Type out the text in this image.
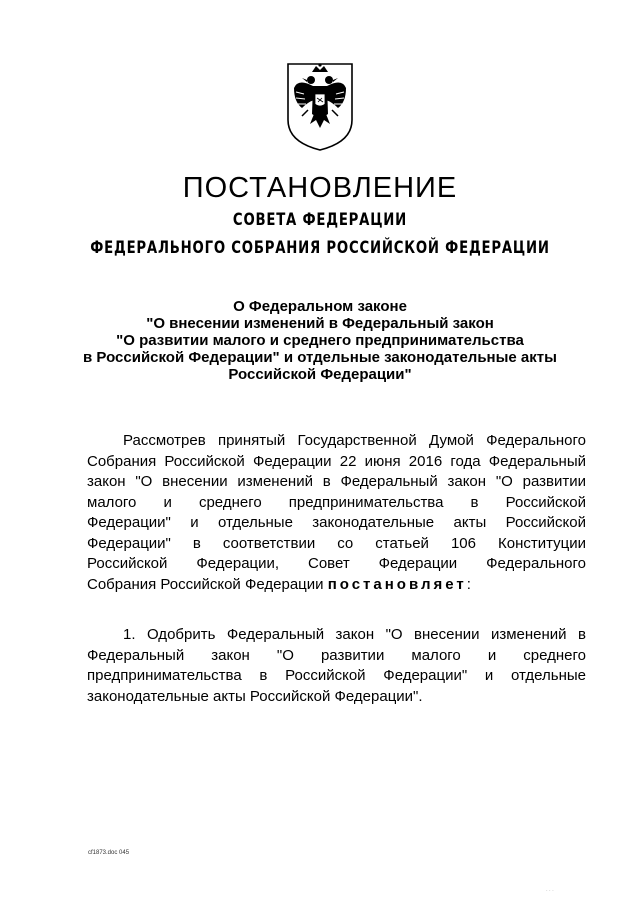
ПОСТАНОВЛЕНИЕ
СОВЕТА ФЕДЕРАЦИИ
ФЕДЕРАЛЬНОГО СОБРАНИЯ РОССИЙСКОЙ ФЕДЕРАЦИИ
О Федеральном законе
"О внесении изменений в Федеральный закон
"О развитии малого и среднего предпринимательства
в Российской Федерации" и отдельные законодательные акты
Российской Федерации"
Рассмотрев принятый Государственной Думой Федерального
Собрания Российской Федерации 22 июня 2016 года Федеральный
закон "О внесении изменений в Федеральный закон "О развитии
малого и среднего предпринимательства в Российской
Федерации" и отдельные законодательные акты Российской
Федерации" в соответствии со статьей 106 Конституции
Российской Федерации, Совет Федерации Федерального
Собрания Российской Федерации постановляет:
1. Одобрить Федеральный закон "О внесении изменений в
Федеральный закон "О развитии малого и среднего
предпринимательства в Российской Федерации" и отдельные
законодательные акты Российской Федерации".
сf1873.doc 045
· · ·
